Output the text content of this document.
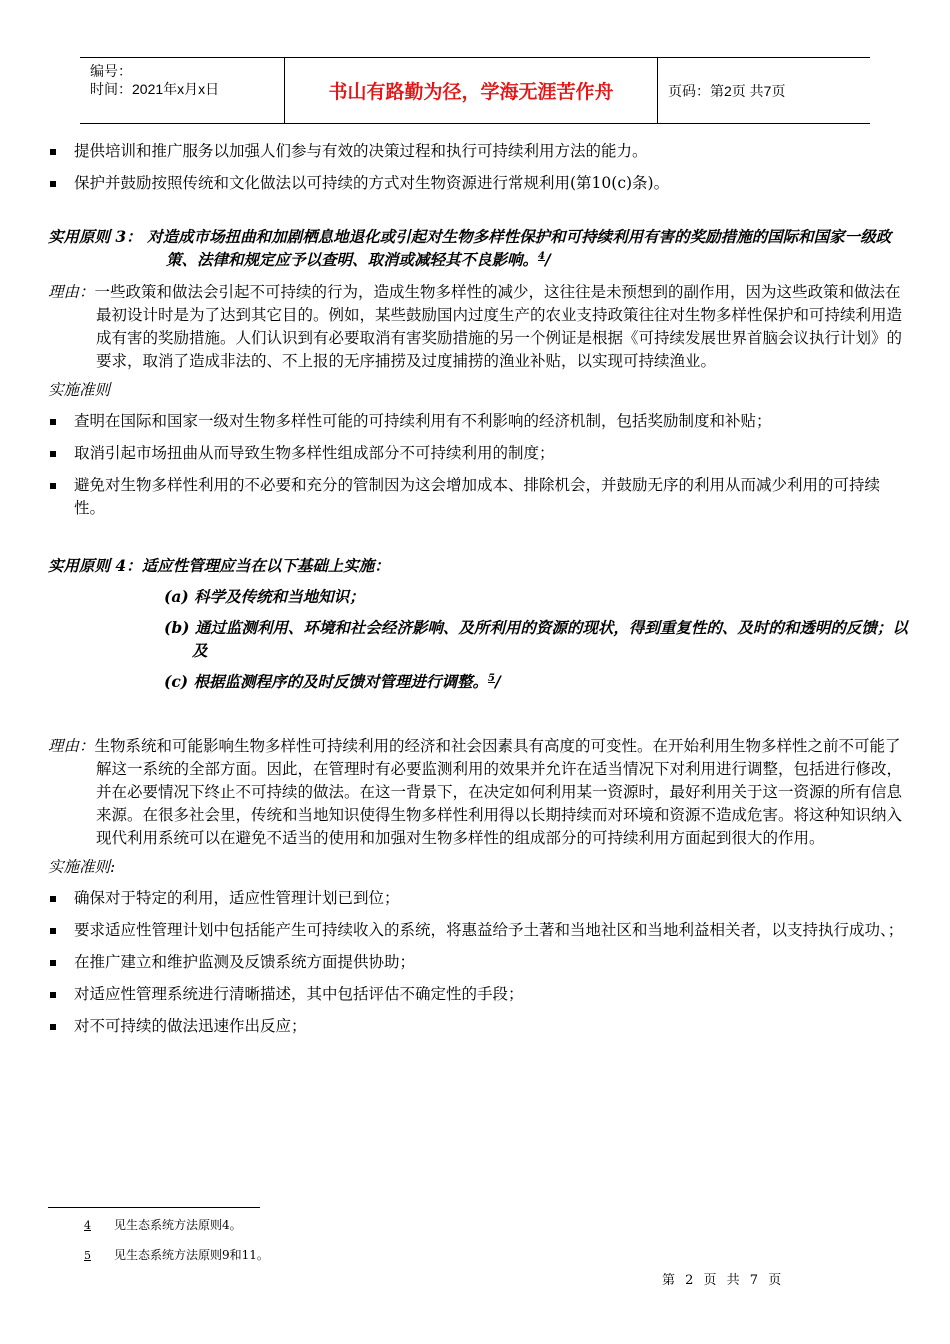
编号：
时间：2021年x月x日	书山有路勤为径，学海无涯苦作舟	页码：第2页 共7页
提供培训和推广服务以加强人们参与有效的决策过程和执行可持续利用方法的能力。
保护并鼓励按照传统和文化做法以可持续的方式对生物资源进行常规利用(第10(c)条)。
实用原则 3： 对造成市场扭曲和加剧栖息地退化或引起对生物多样性保护和可持续利用有害的奖励措施的国际和国家一级政策、法律和规定应予以查明、取消或减轻其不良影响。$^4$/
理由：一些政策和做法会引起不可持续的行为，造成生物多样性的减少，这往往是未预想到的副作用，因为这些政策和做法在最初设计时是为了达到其它目的。例如，某些鼓励国内过度生产的农业支持政策往往对生物多样性保护和可持续利用造成有害的奖励措施。人们认识到有必要取消有害奖励措施的另一个例证是根据《可持续发展世界首脑会议执行计划》的要求，取消了造成非法的、不上报的无序捕捞及过度捕捞的渔业补贴，以实现可持续渔业。
实施准则
查明在国际和国家一级对生物多样性可能的可持续利用有不利影响的经济机制，包括奖励制度和补贴；
取消引起市场扭曲从而导致生物多样性组成部分不可持续利用的制度；
避免对生物多样性利用的不必要和充分的管制因为这会增加成本、排除机会，并鼓励无序的利用从而减少利用的可持续性。
实用原则 4：适应性管理应当在以下基础上实施：
(a) 科学及传统和当地知识；
(b) 通过监测利用、环境和社会经济影响、及所利用的资源的现状，得到重复性的、及时的和透明的反馈；以及
(c) 根据监测程序的及时反馈对管理进行调整。$^5$/
理由：生物系统和可能影响生物多样性可持续利用的经济和社会因素具有高度的可变性。在开始利用生物多样性之前不可能了解这一系统的全部方面。因此，在管理时有必要监测利用的效果并允许在适当情况下对利用进行调整，包括进行修改，并在必要情况下终止不可持续的做法。在这一背景下，在决定如何利用某一资源时，最好利用关于这一资源的所有信息来源。在很多社会里，传统和当地知识使得生物多样性利用得以长期持续而对环境和资源不造成危害。将这种知识纳入现代利用系统可以在避免不适当的使用和加强对生物多样性的组成部分的可持续利用方面起到很大的作用。
实施准则:
确保对于特定的利用，适应性管理计划已到位；
要求适应性管理计划中包括能产生可持续收入的系统，将惠益给予土著和当地社区和当地利益相关者，以支持执行成功、；
在推广建立和维护监测及反馈系统方面提供协助；
对适应性管理系统进行清晰描述，其中包括评估不确定性的手段；
对不可持续的做法迅速作出反应；
4 见生态系统方法原则4。
5 见生态系统方法原则9和11。
第 2 页 共 7 页
